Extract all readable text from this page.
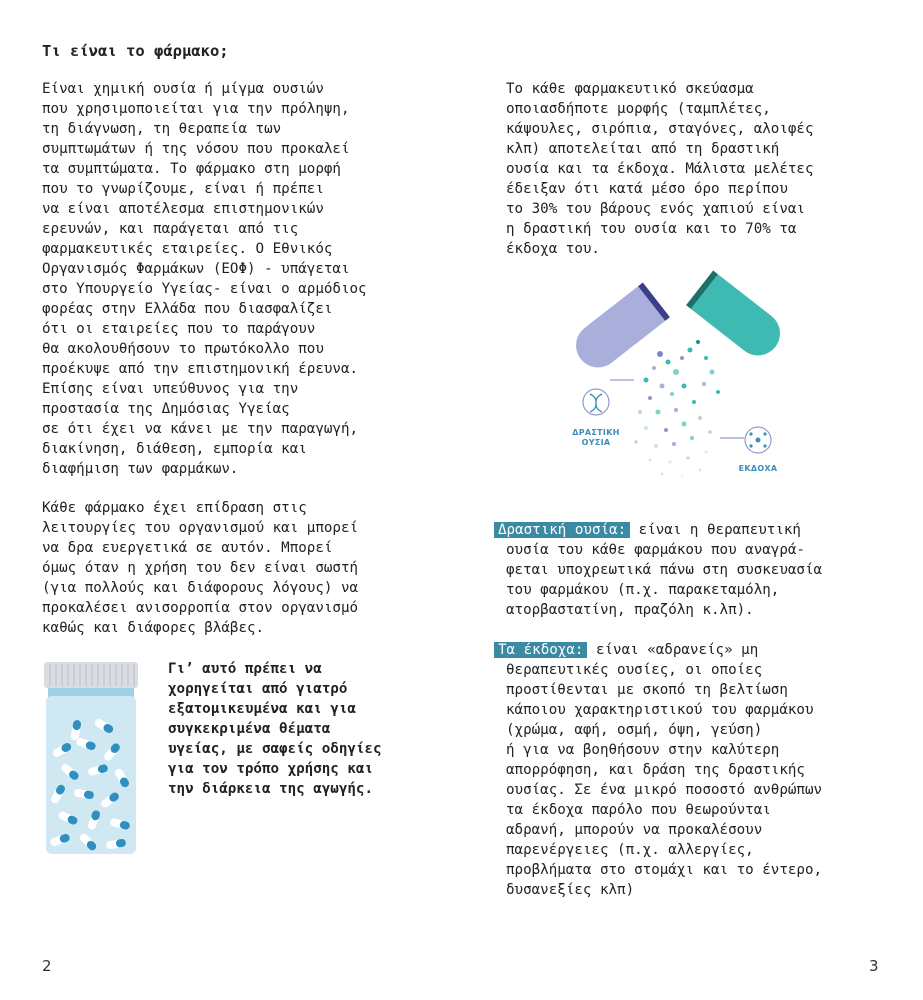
Τι είναι το φάρμακο;

Είναι χημική ουσία ή μίγμα ουσιών
που χρησιμοποιείται για την πρόληψη,
τη διάγνωση, τη θεραπεία των
συμπτωμάτων ή της νόσου που προκαλεί
τα συμπτώματα. Το φάρμακο στη μορφή
που το γνωρίζουμε, είναι ή πρέπει
να είναι αποτέλεσμα επιστημονικών
ερευνών, και παράγεται από τις
φαρμακευτικές εταιρείες. Ο Εθνικός
Οργανισμός Φαρμάκων (ΕΟΦ) - υπάγεται
στο Υπουργείο Υγείας- είναι ο αρμόδιος
φορέας στην Ελλάδα που διασφαλίζει
ότι οι εταιρείες που το παράγουν
θα ακολουθήσουν το πρωτόκολλο που
προέκυψε από την επιστημονική έρευνα.
Επίσης είναι υπεύθυνος για την
προστασία της Δημόσιας Υγείας
σε ότι έχει να κάνει με την παραγωγή,
διακίνηση, διάθεση, εμπορία και
διαφήμιση των φαρμάκων.

Κάθε φάρμακο έχει επίδραση στις
λειτουργίες του οργανισμού και μπορεί
να δρα ευεργετικά σε αυτόν. Μπορεί
όμως όταν η χρήση του δεν είναι σωστή
(για πολλούς και διάφορους λόγους) να
προκαλέσει ανισορροπία στον οργανισμό
καθώς και διάφορες βλάβες.

Γι’ αυτό πρέπει να
χορηγείται από γιατρό
εξατομικευμένα και για
συγκεκριμένα θέματα
υγείας, με σαφείς οδηγίες
για τον τρόπο χρήσης και
την διάρκεια της αγωγής.

2

Το κάθε φαρμακευτικό σκεύασμα
οποιασδήποτε μορφής (ταμπλέτες,
κάψουλες, σιρόπια, σταγόνες, αλοιφές
κλπ) αποτελείται από τη δραστική
ουσία και τα έκδοχα. Μάλιστα μελέτες
έδειξαν ότι κατά μέσο όρο περίπου
το 30% του βάρους ενός χαπιού είναι
η δραστική του ουσία και το 70% τα
έκδοχα του.

ΔΡΑΣΤΙΚΗ
ΟΥΣΙΑ
ΕΚΔΟΧΑ

Δραστική ουσία: είναι η θεραπευτική
ουσία του κάθε φαρμάκου που αναγρά-
φεται υποχρεωτικά πάνω στη συσκευασία
του φαρμάκου (π.χ. παρακεταμόλη,
ατορβαστατίνη, πραζόλη κ.λπ).

Τα έκδοχα: είναι «αδρανείς» μη
θεραπευτικές ουσίες, οι οποίες
προστίθενται με σκοπό τη βελτίωση
κάποιου χαρακτηριστικού του φαρμάκου
(χρώμα, αφή, οσμή, όψη, γεύση)
ή για να βοηθήσουν στην καλύτερη
απορρόφηση, και δράση της δραστικής
ουσίας. Σε ένα μικρό ποσοστό ανθρώπων
τα έκδοχα παρόλο που θεωρούνται
αδρανή, μπορούν να προκαλέσουν
παρενέργειες (π.χ. αλλεργίες,
προβλήματα στο στομάχι και το έντερο,
δυσανεξίες κλπ)

3
